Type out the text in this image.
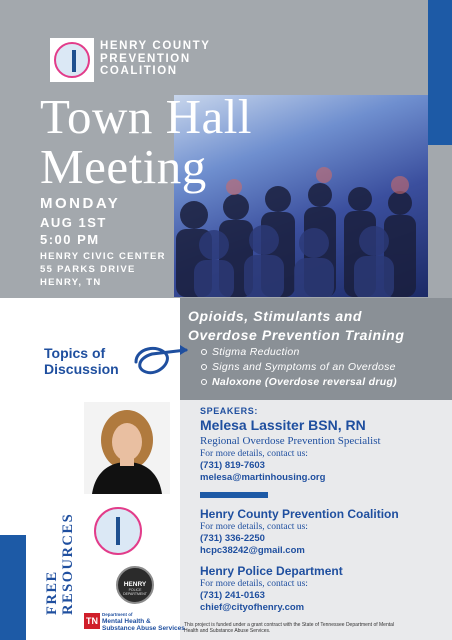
HENRY COUNTY
PREVENTION
COALITION
Town Hall
Meeting
MONDAY
AUG 1ST
5:00 PM
HENRY CIVIC CENTER
55 PARKS DRIVE
HENRY, TN
Opioids, Stimulants and
Overdose Prevention Training
Stigma Reduction
Signs and Symptoms of an Overdose
Naloxone (Overdose reversal drug)
Topics of
Discussion
SPEAKERS:
Melesa Lassiter BSN, RN
Regional Overdose Prevention Specialist
For more details, contact us:
(731) 819-7603
melesa@martinhousing.org
Henry County Prevention Coalition
For more details, contact us:
(731) 336-2250
hcpc38242@gmail.com
Henry Police Department
For more details, contact us:
(731) 241-0163
chief@cityofhenry.com
FREE RESOURCES	HENRY
POLICE DEPARTMENT
TN
Department of
Mental Health &
Substance Abuse Services This project is funded under a grant contract with the State of Tennessee Department of Mental Health and Substance Abuse Services.
